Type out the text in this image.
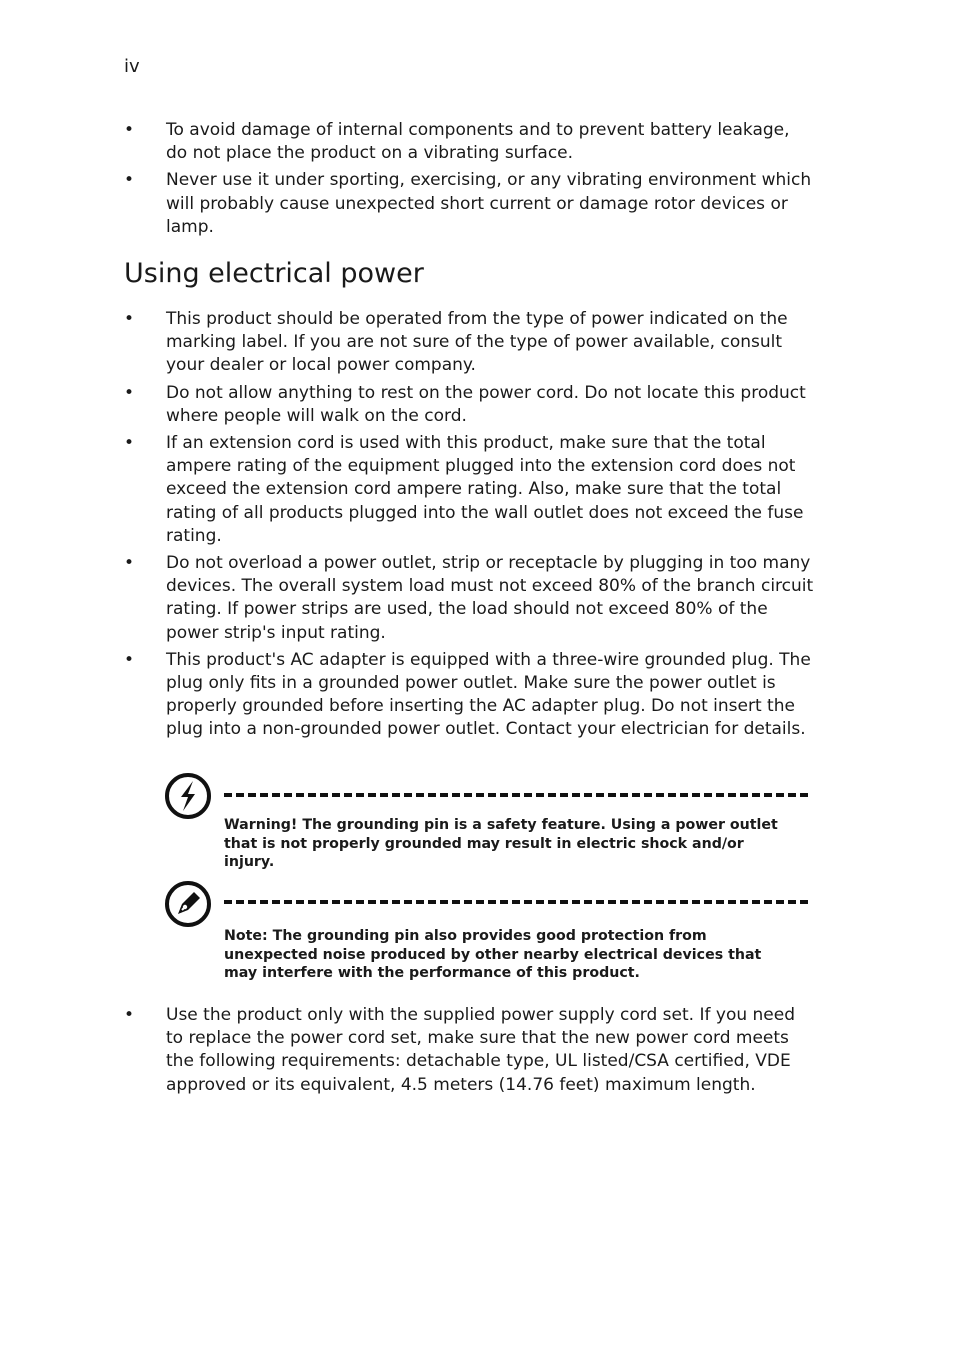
iv
• To avoid damage of internal components and to prevent battery leakage, do not place the product on a vibrating surface.
• Never use it under sporting, exercising, or any vibrating environment which will probably cause unexpected short current or damage rotor devices or lamp.
Using electrical power
• This product should be operated from the type of power indicated on the marking label. If you are not sure of the type of power available, consult your dealer or local power company.
• Do not allow anything to rest on the power cord. Do not locate this product where people will walk on the cord.
• If an extension cord is used with this product, make sure that the total ampere rating of the equipment plugged into the extension cord does not exceed the extension cord ampere rating. Also, make sure that the total rating of all products plugged into the wall outlet does not exceed the fuse rating.
• Do not overload a power outlet, strip or receptacle by plugging in too many devices. The overall system load must not exceed 80% of the branch circuit rating. If power strips are used, the load should not exceed 80% of the power strip's input rating.
• This product's AC adapter is equipped with a three-wire grounded plug. The plug only fits in a grounded power outlet. Make sure the power outlet is properly grounded before inserting the AC adapter plug. Do not insert the plug into a non-grounded power outlet. Contact your electrician for details.
Warning! The grounding pin is a safety feature. Using a power outlet that is not properly grounded may result in electric shock and/or injury.
Note: The grounding pin also provides good protection from unexpected noise produced by other nearby electrical devices that may interfere with the performance of this product.
• Use the product only with the supplied power supply cord set. If you need to replace the power cord set, make sure that the new power cord meets the following requirements: detachable type, UL listed/CSA certified, VDE approved or its equivalent, 4.5 meters (14.76 feet) maximum length.
